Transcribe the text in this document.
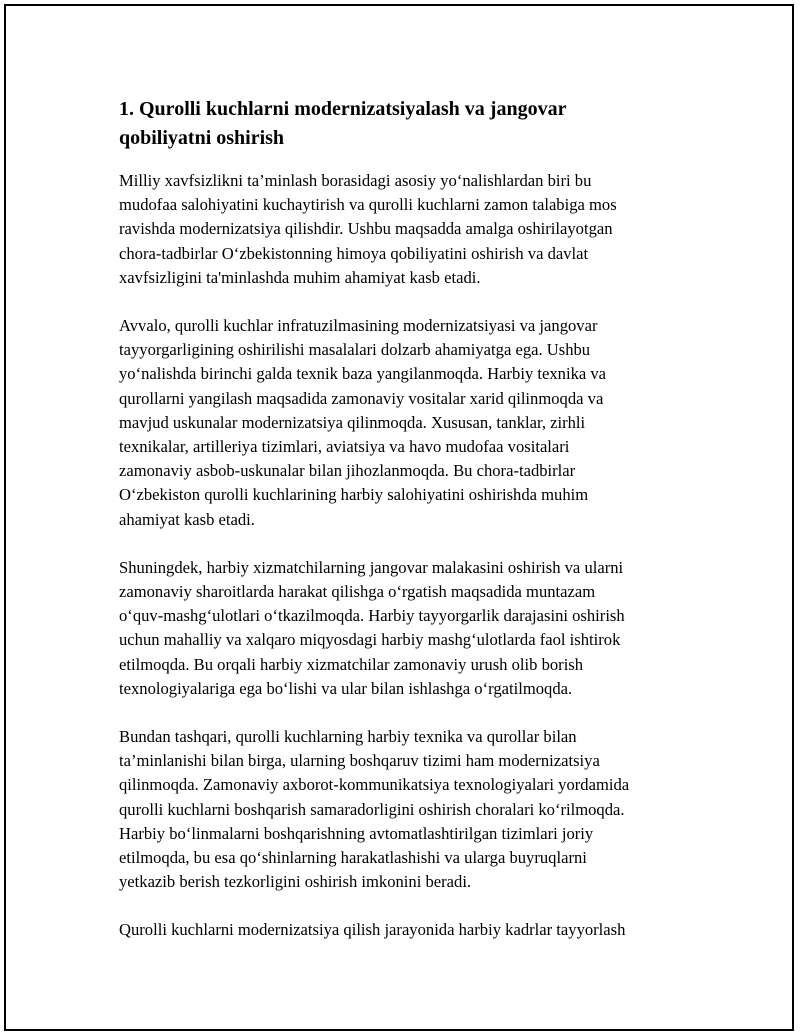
1. Qurolli kuchlarni modernizatsiyalash va jangovar
qobiliyatni oshirish

Milliy xavfsizlikni ta’minlash borasidagi asosiy yo‘nalishlardan biri bu
mudofaa salohiyatini kuchaytirish va qurolli kuchlarni zamon talabiga mos
ravishda modernizatsiya qilishdir. Ushbu maqsadda amalga oshirilayotgan
chora-tadbirlar O‘zbekistonning himoya qobiliyatini oshirish va davlat
xavfsizligini ta'minlashda muhim ahamiyat kasb etadi.

Avvalo, qurolli kuchlar infratuzilmasining modernizatsiyasi va jangovar
tayyorgarligining oshirilishi masalalari dolzarb ahamiyatga ega. Ushbu
yo‘nalishda birinchi galda texnik baza yangilanmoqda. Harbiy texnika va
qurollarni yangilash maqsadida zamonaviy vositalar xarid qilinmoqda va
mavjud uskunalar modernizatsiya qilinmoqda. Xususan, tanklar, zirhli
texnikalar, artilleriya tizimlari, aviatsiya va havo mudofaa vositalari
zamonaviy asbob-uskunalar bilan jihozlanmoqda. Bu chora-tadbirlar
O‘zbekiston qurolli kuchlarining harbiy salohiyatini oshirishda muhim
ahamiyat kasb etadi.

Shuningdek, harbiy xizmatchilarning jangovar malakasini oshirish va ularni
zamonaviy sharoitlarda harakat qilishga o‘rgatish maqsadida muntazam
o‘quv-mashg‘ulotlari o‘tkazilmoqda. Harbiy tayyorgarlik darajasini oshirish
uchun mahalliy va xalqaro miqyosdagi harbiy mashg‘ulotlarda faol ishtirok
etilmoqda. Bu orqali harbiy xizmatchilar zamonaviy urush olib borish
texnologiyalariga ega bo‘lishi va ular bilan ishlashga o‘rgatilmoqda.

Bundan tashqari, qurolli kuchlarning harbiy texnika va qurollar bilan
ta’minlanishi bilan birga, ularning boshqaruv tizimi ham modernizatsiya
qilinmoqda. Zamonaviy axborot-kommunikatsiya texnologiyalari yordamida
qurolli kuchlarni boshqarish samaradorligini oshirish choralari ko‘rilmoqda.
Harbiy bo‘linmalarni boshqarishning avtomatlashtirilgan tizimlari joriy
etilmoqda, bu esa qo‘shinlarning harakatlashishi va ularga buyruqlarni
yetkazib berish tezkorligini oshirish imkonini beradi.

Qurolli kuchlarni modernizatsiya qilish jarayonida harbiy kadrlar tayyorlash
